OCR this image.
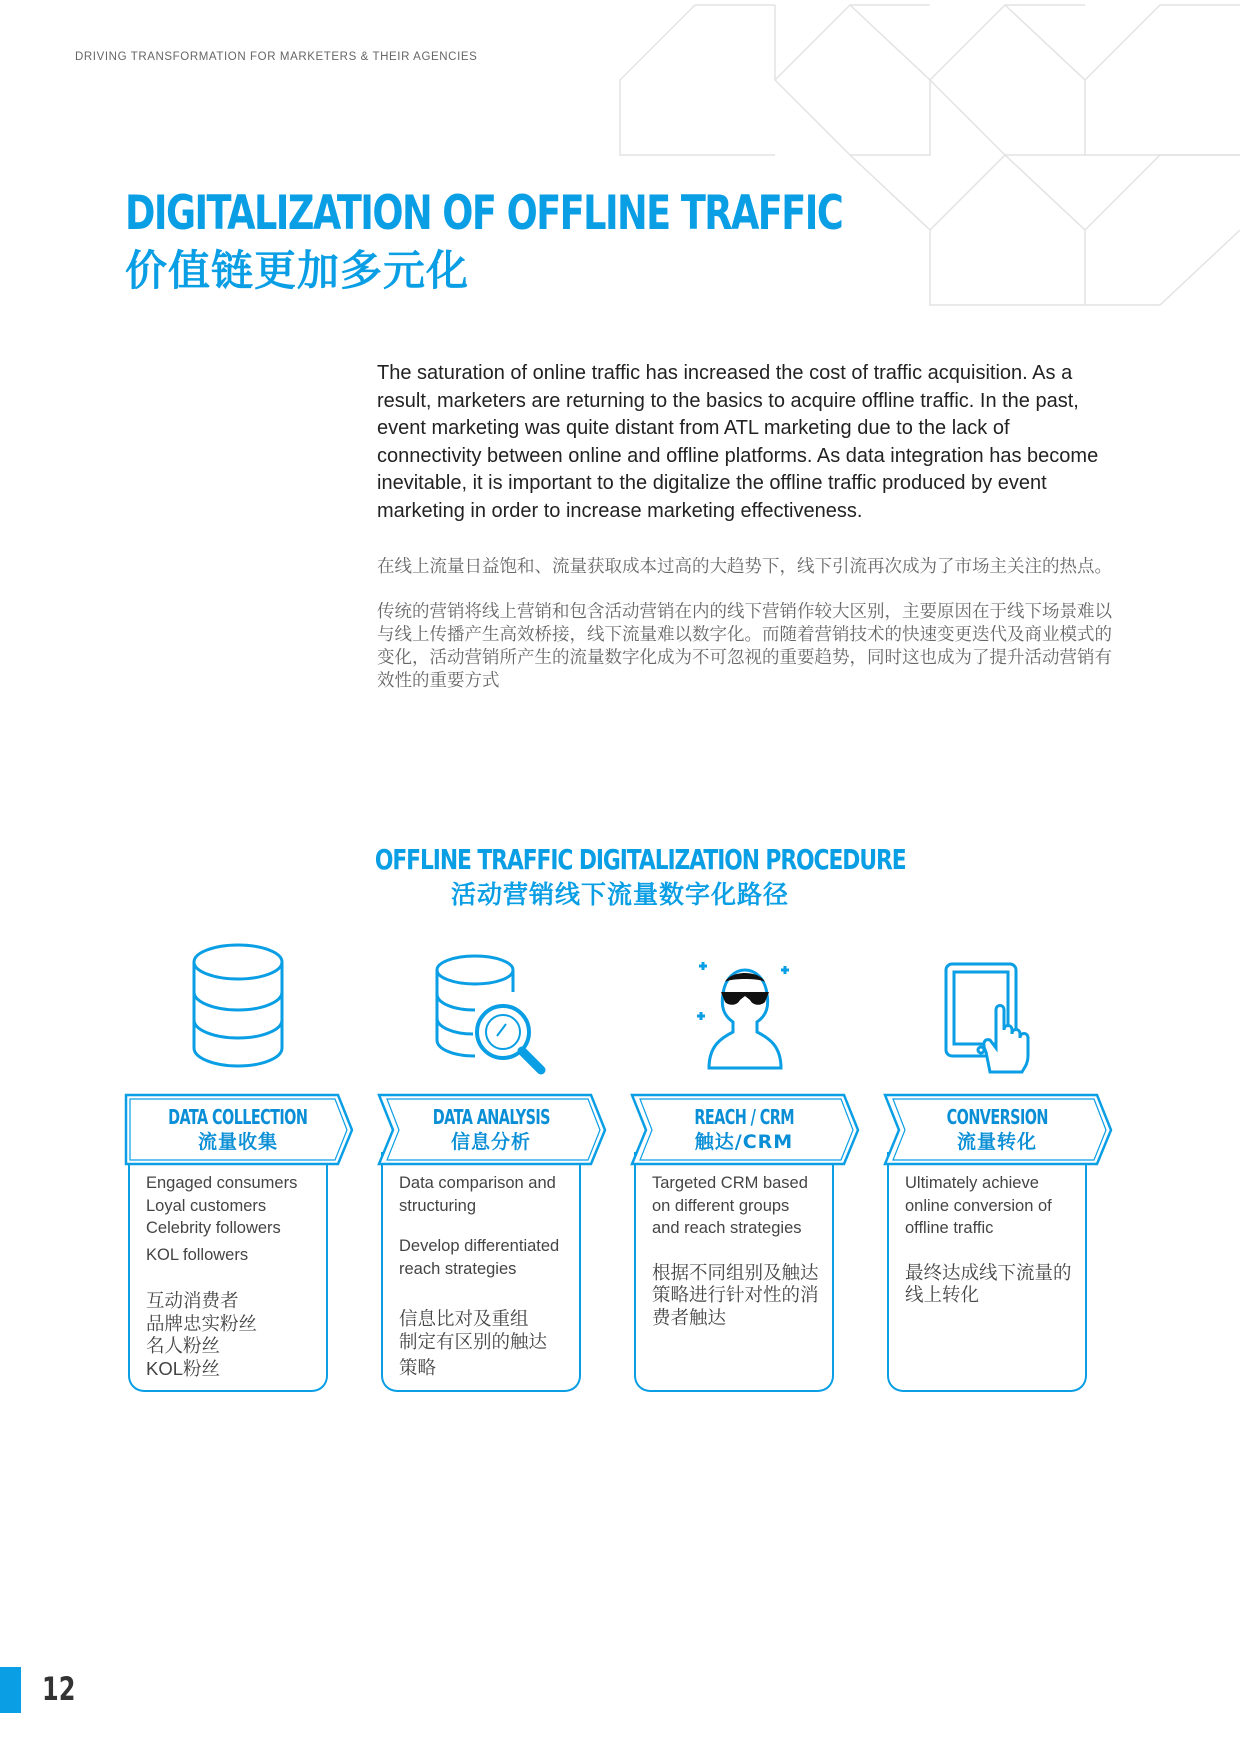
DRIVING TRANSFORMATION FOR MARKETERS & THEIR AGENCIES
DIGITALIZATION OF OFFLINE TRAFFIC
价值链更加多元化

The saturation of online traffic has increased the cost of traffic acquisition. As a result, marketers are returning to the basics to acquire offline traffic. In the past, event marketing was quite distant from ATL marketing due to the lack of connectivity between online and offline platforms. As data integration has become inevitable, it is important to the digitalize the offline traffic produced by event marketing in order to increase marketing effectiveness.

在线上流量日益饱和、流量获取成本过高的大趋势下，线下引流再次成为了市场主关注的热点。

传统的营销将线上营销和包含活动营销在内的线下营销作较大区别，主要原因在于线下场景难以与线上传播产生高效桥接，线下流量难以数字化。而随着营销技术的快速变更迭代及商业模式的变化，活动营销所产生的流量数字化成为不可忽视的重要趋势，同时这也成为了提升活动营销有效性的重要方式

OFFLINE TRAFFIC DIGITALIZATION PROCEDURE
活动营销线下流量数字化路径
Engaged consumers
Loyal customers
Celebrity followers
KOL followers
互动消费者
品牌忠实粉丝
名人粉丝
KOL粉丝
DATA COLLECTION
流量收集
Data comparison and
structuring
Develop differentiated
reach strategies
信息比对及重组
制定有区别的触达
策略
DATA ANALYSIS
信息分析
Targeted CRM based
on different groups
and reach strategies
根据不同组别及触达
策略进行针对性的消
费者触达
REACH / CRM
触达/CRM
Ultimately achieve
online conversion of
offline traffic
最终达成线下流量的
线上转化
CONVERSION
流量转化
12
